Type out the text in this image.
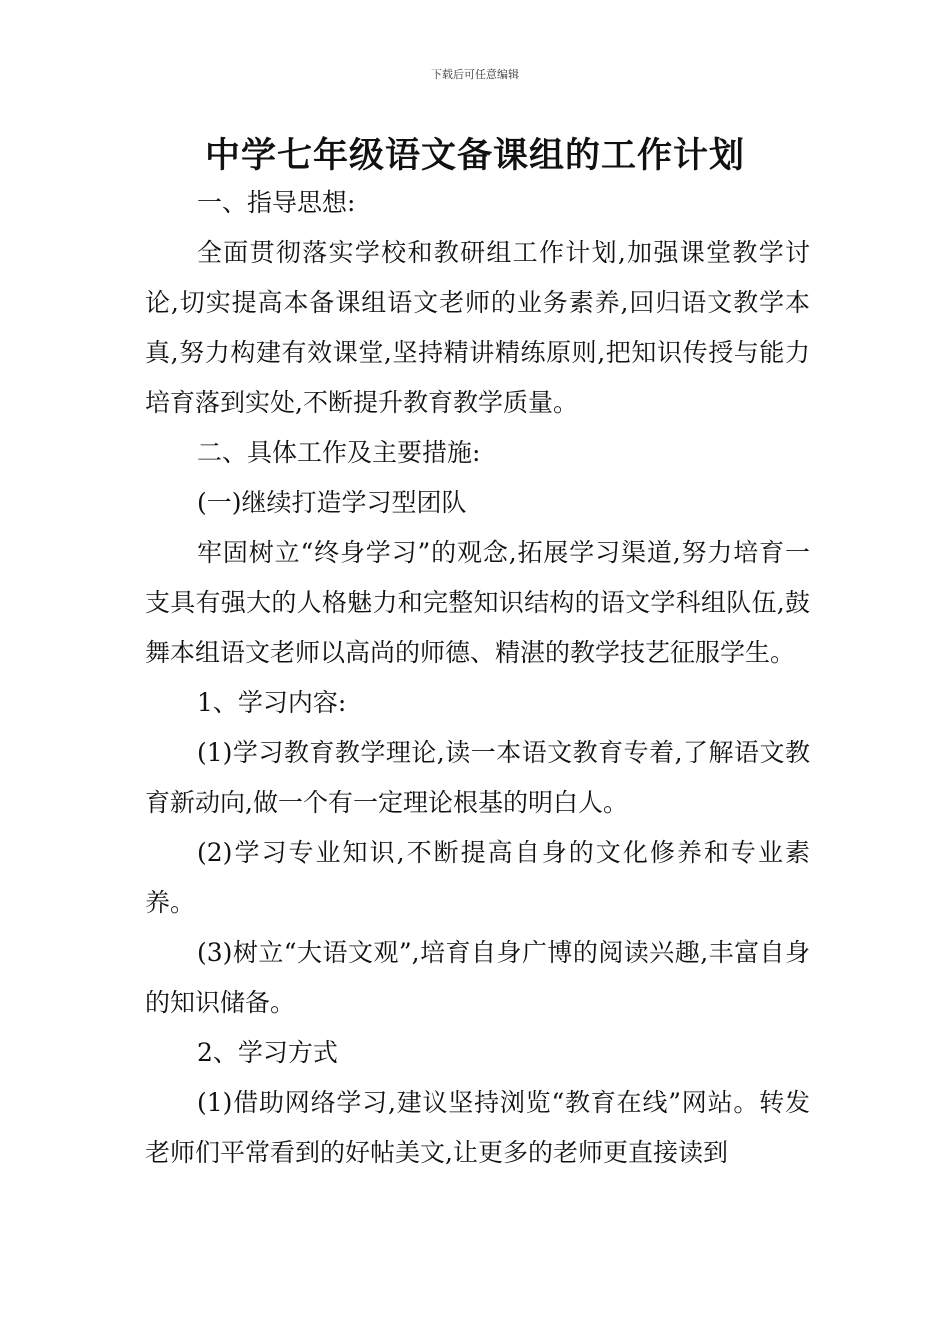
下载后可任意编辑
中学七年级语文备课组的工作计划

一、指导思想:

全面贯彻落实学校和教研组工作计划,加强课堂教学讨论,切实提高本备课组语文老师的业务素养,回归语文教学本真,努力构建有效课堂,坚持精讲精练原则,把知识传授与能力培育落到实处,不断提升教育教学质量。

二、具体工作及主要措施:

(一)继续打造学习型团队

牢固树立“终身学习”的观念,拓展学习渠道,努力培育一支具有强大的人格魅力和完整知识结构的语文学科组队伍,鼓舞本组语文老师以高尚的师德、精湛的教学技艺征服学生。

1、学习内容:

(1)学习教育教学理论,读一本语文教育专着,了解语文教育新动向,做一个有一定理论根基的明白人。

(2)学习专业知识,不断提高自身的文化修养和专业素养。

(3)树立“大语文观”,培育自身广博的阅读兴趣,丰富自身的知识储备。

2、学习方式

(1)借助网络学习,建议坚持浏览“教育在线”网站。转发老师们平常看到的好帖美文,让更多的老师更直接读到
